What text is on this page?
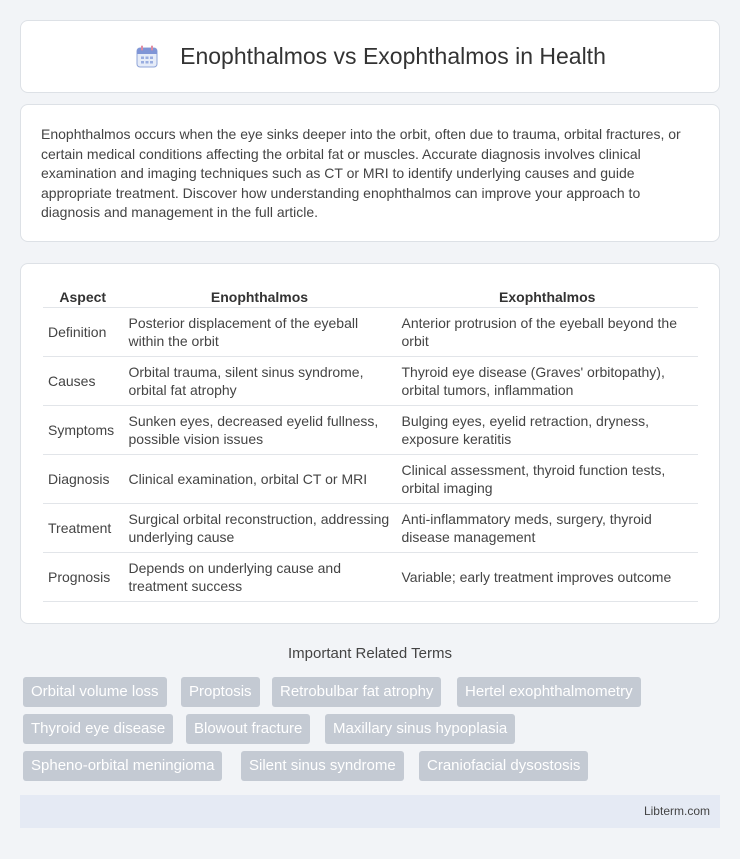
Enophthalmos vs Exophthalmos in Health

Enophthalmos occurs when the eye sinks deeper into the orbit, often due to trauma, orbital fractures, or certain medical conditions affecting the orbital fat or muscles. Accurate diagnosis involves clinical examination and imaging techniques such as CT or MRI to identify underlying causes and guide appropriate treatment. Discover how understanding enophthalmos can improve your approach to diagnosis and management in the full article.

Aspect	Enophthalmos	Exophthalmos
Definition	Posterior displacement of the eyeball within the orbit	Anterior protrusion of the eyeball beyond the orbit
Causes	Orbital trauma, silent sinus syndrome, orbital fat atrophy	Thyroid eye disease (Graves' orbitopathy), orbital tumors, inflammation
Symptoms	Sunken eyes, decreased eyelid fullness, possible vision issues	Bulging eyes, eyelid retraction, dryness, exposure keratitis
Diagnosis	Clinical examination, orbital CT or MRI	Clinical assessment, thyroid function tests, orbital imaging
Treatment	Surgical orbital reconstruction, addressing underlying cause	Anti-inflammatory meds, surgery, thyroid disease management
Prognosis	Depends on underlying cause and treatment success	Variable; early treatment improves outcome
Important Related Terms
Orbital volume loss	Proptosis	Retrobulbar fat atrophy	Hertel exophthalmometry
Thyroid eye disease	Blowout fracture	Maxillary sinus hypoplasia
Spheno-orbital meningioma	Silent sinus syndrome	Craniofacial dysostosis
Libterm.com
